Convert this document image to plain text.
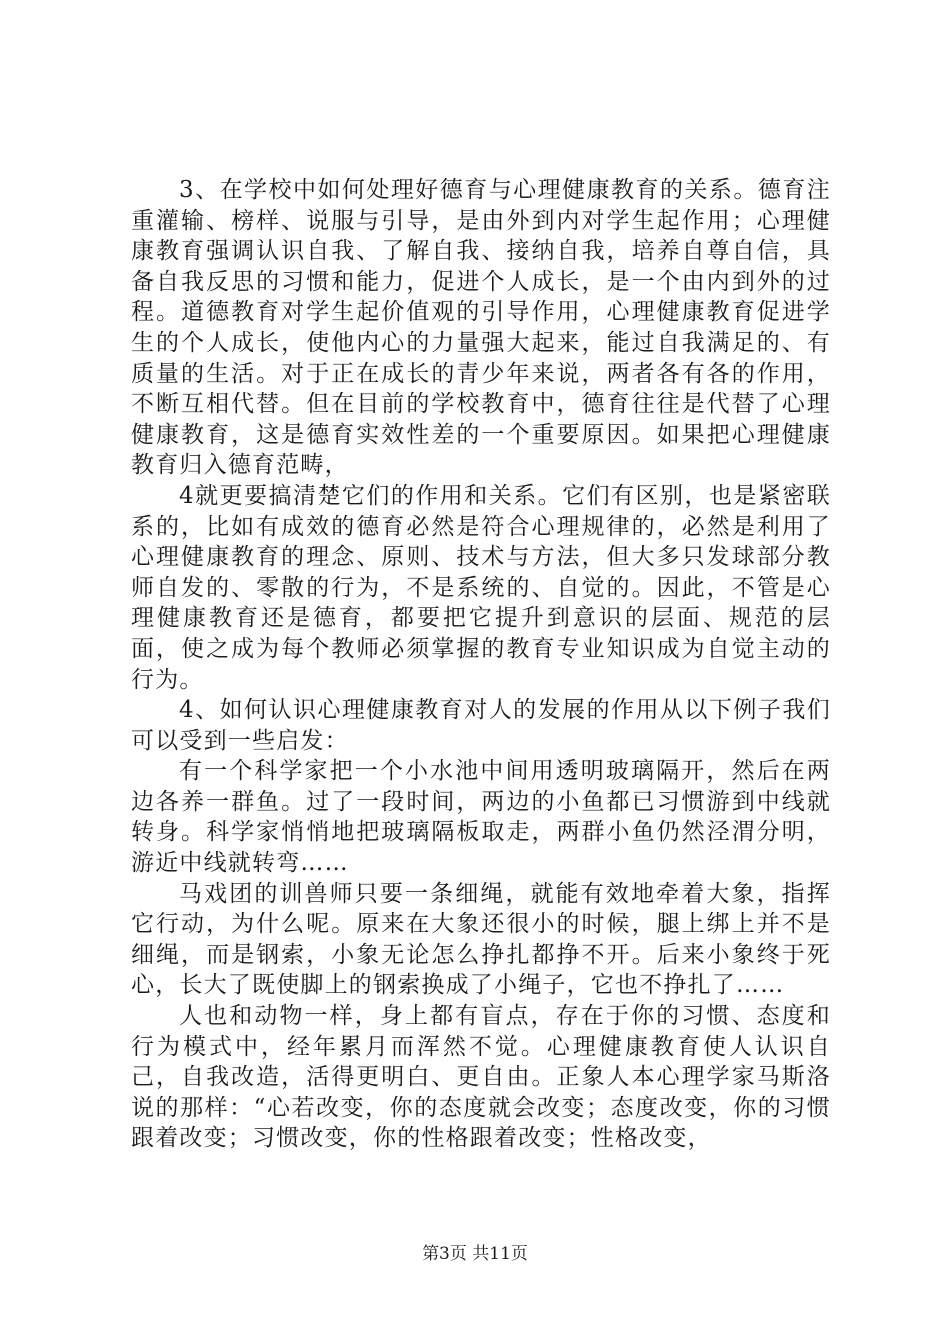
3、在学校中如何处理好德育与心理健康教育的关系。德育注重灌输、榜样、说服与引导，是由外到内对学生起作用；心理健康教育强调认识自我、了解自我、接纳自我，培养自尊自信，具备自我反思的习惯和能力，促进个人成长，是一个由内到外的过程。道德教育对学生起价值观的引导作用，心理健康教育促进学生的个人成长，使他内心的力量强大起来，能过自我满足的、有质量的生活。对于正在成长的青少年来说，两者各有各的作用，不断互相代替。但在目前的学校教育中，德育往往是代替了心理健康教育，这是德育实效性差的一个重要原因。如果把心理健康教育归入德育范畴，

4就更要搞清楚它们的作用和关系。它们有区别，也是紧密联系的，比如有成效的德育必然是符合心理规律的，必然是利用了心理健康教育的理念、原则、技术与方法，但大多只发球部分教师自发的、零散的行为，不是系统的、自觉的。因此，不管是心理健康教育还是德育，都要把它提升到意识的层面、规范的层面，使之成为每个教师必须掌握的教育专业知识成为自觉主动的行为。

4、如何认识心理健康教育对人的发展的作用从以下例子我们可以受到一些启发：

有一个科学家把一个小水池中间用透明玻璃隔开，然后在两边各养一群鱼。过了一段时间，两边的小鱼都已习惯游到中线就转身。科学家悄悄地把玻璃隔板取走，两群小鱼仍然泾渭分明，游近中线就转弯……

马戏团的训兽师只要一条细绳，就能有效地牵着大象，指挥它行动，为什么呢。原来在大象还很小的时候，腿上绑上并不是细绳，而是钢索，小象无论怎么挣扎都挣不开。后来小象终于死心，长大了既使脚上的钢索换成了小绳子，它也不挣扎了……

人也和动物一样，身上都有盲点，存在于你的习惯、态度和行为模式中，经年累月而浑然不觉。心理健康教育使人认识自己，自我改造，活得更明白、更自由。正象人本心理学家马斯洛说的那样：“心若改变，你的态度就会改变；态度改变，你的习惯跟着改变；习惯改变，你的性格跟着改变；性格改变，

第3页 共11页
